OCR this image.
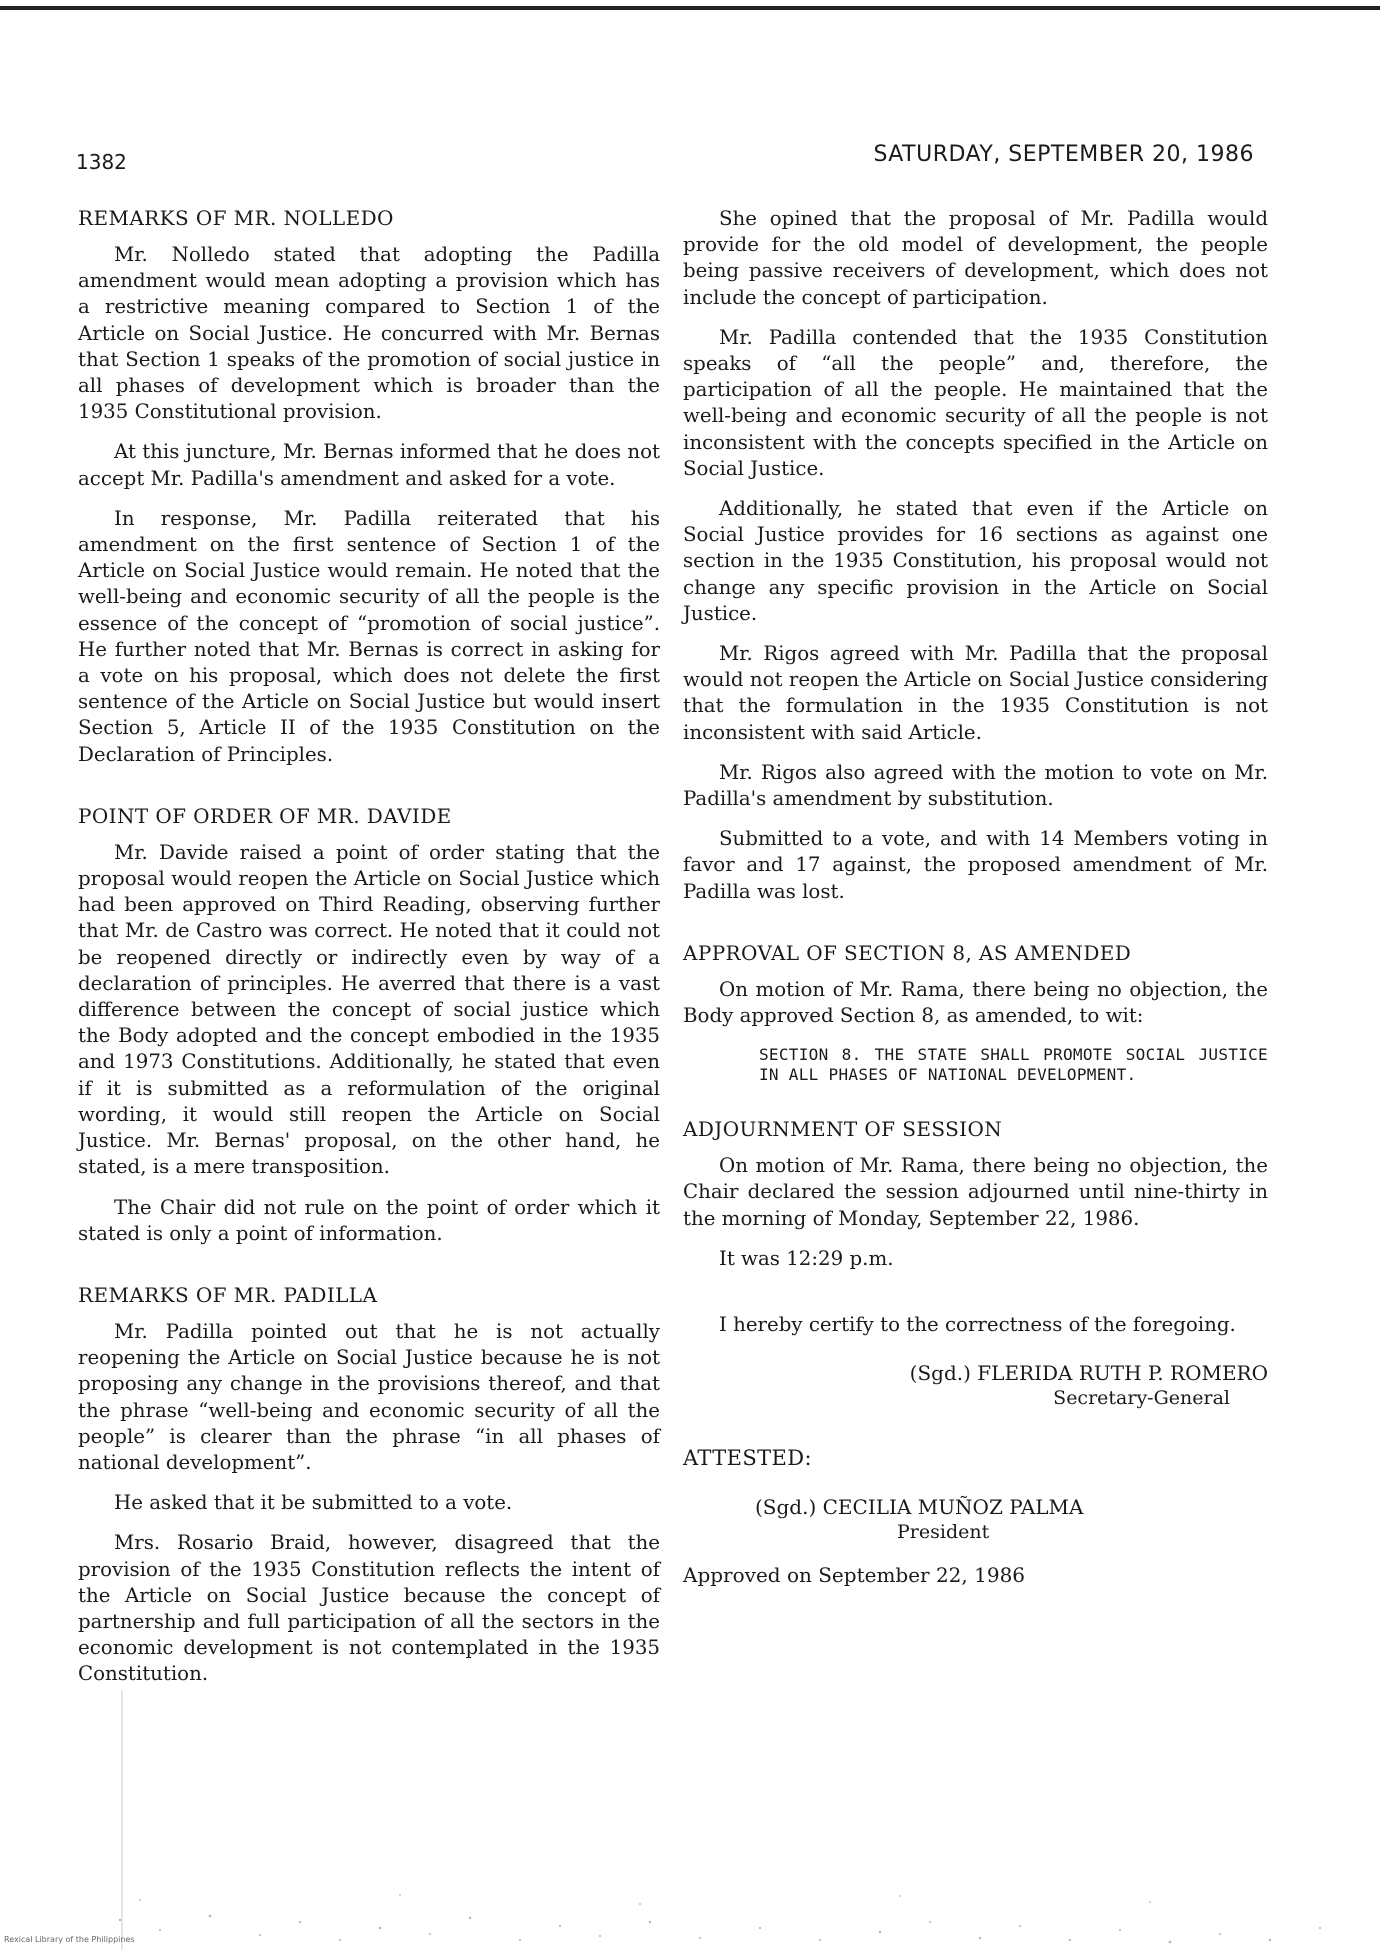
1382	SATURDAY, SEPTEMBER 20, 1986
REMARKS OF MR. NOLLEDO

Mr. Nolledo stated that adopting the Padilla amendment would mean adopting a provision which has a restrictive meaning compared to Section 1 of the Article on Social Justice. He concurred with Mr. Bernas that Section 1 speaks of the promotion of social justice in all phases of development which is broader than the 1935 Constitutional provision.

At this juncture, Mr. Bernas informed that he does not accept Mr. Padilla's amendment and asked for a vote.

In response, Mr. Padilla reiterated that his amendment on the first sentence of Section 1 of the Article on Social Justice would remain. He noted that the well-being and economic security of all the people is the essence of the concept of “promotion of social justice”. He further noted that Mr. Bernas is correct in asking for a vote on his proposal, which does not delete the first sentence of the Article on Social Justice but would insert Section 5, Article II of the 1935 Constitution on the Declaration of Principles.

POINT OF ORDER OF MR. DAVIDE

Mr. Davide raised a point of order stating that the proposal would reopen the Article on Social Justice which had been approved on Third Reading, observing further that Mr. de Castro was correct. He noted that it could not be reopened directly or indirectly even by way of a declaration of principles. He averred that there is a vast difference between the concept of social justice which the Body adopted and the concept embodied in the 1935 and 1973 Constitutions. Additionally, he stated that even if it is submitted as a reformulation of the original wording, it would still reopen the Article on Social Justice. Mr. Bernas' proposal, on the other hand, he stated, is a mere transposition.

The Chair did not rule on the point of order which it stated is only a point of information.

REMARKS OF MR. PADILLA

Mr. Padilla pointed out that he is not actually reopening the Article on Social Justice because he is not proposing any change in the provisions thereof, and that the phrase “well-being and economic security of all the people” is clearer than the phrase “in all phases of national development”.

He asked that it be submitted to a vote.

Mrs. Rosario Braid, however, disagreed that the provision of the 1935 Constitution reflects the intent of the Article on Social Justice because the concept of partnership and full participation of all the sectors in the economic development is not contemplated in the 1935 Constitution.

She opined that the proposal of Mr. Padilla would provide for the old model of development, the people being passive receivers of development, which does not include the concept of participation.

Mr. Padilla contended that the 1935 Constitution speaks of “all the people” and, therefore, the participation of all the people. He maintained that the well-being and economic security of all the people is not inconsistent with the concepts specified in the Article on Social Justice.

Additionally, he stated that even if the Article on Social Justice provides for 16 sections as against one section in the 1935 Constitution, his proposal would not change any specific provision in the Article on Social Justice.

Mr. Rigos agreed with Mr. Padilla that the proposal would not reopen the Article on Social Justice considering that the formulation in the 1935 Constitution is not inconsistent with said Article.

Mr. Rigos also agreed with the motion to vote on Mr. Padilla's amendment by substitution.

Submitted to a vote, and with 14 Members voting in favor and 17 against, the proposed amendment of Mr. Padilla was lost.

APPROVAL OF SECTION 8, AS AMENDED

On motion of Mr. Rama, there being no objection, the Body approved Section 8, as amended, to wit:

SECTION 8. THE STATE SHALL PROMOTE SOCIAL JUSTICE IN ALL PHASES OF NATIONAL DEVELOPMENT.
ADJOURNMENT OF SESSION

On motion of Mr. Rama, there being no objection, the Chair declared the session adjourned until nine-thirty in the morning of Monday, September 22, 1986.

It was 12:29 p.m.

I hereby certify to the correctness of the foregoing.

(Sgd.) FLERIDA RUTH P. ROMERO
Secretary-General
ATTESTED:
(Sgd.) CECILIA MUÑOZ PALMA
President
Approved on September 22, 1986
Rexical Library of the Philippines
